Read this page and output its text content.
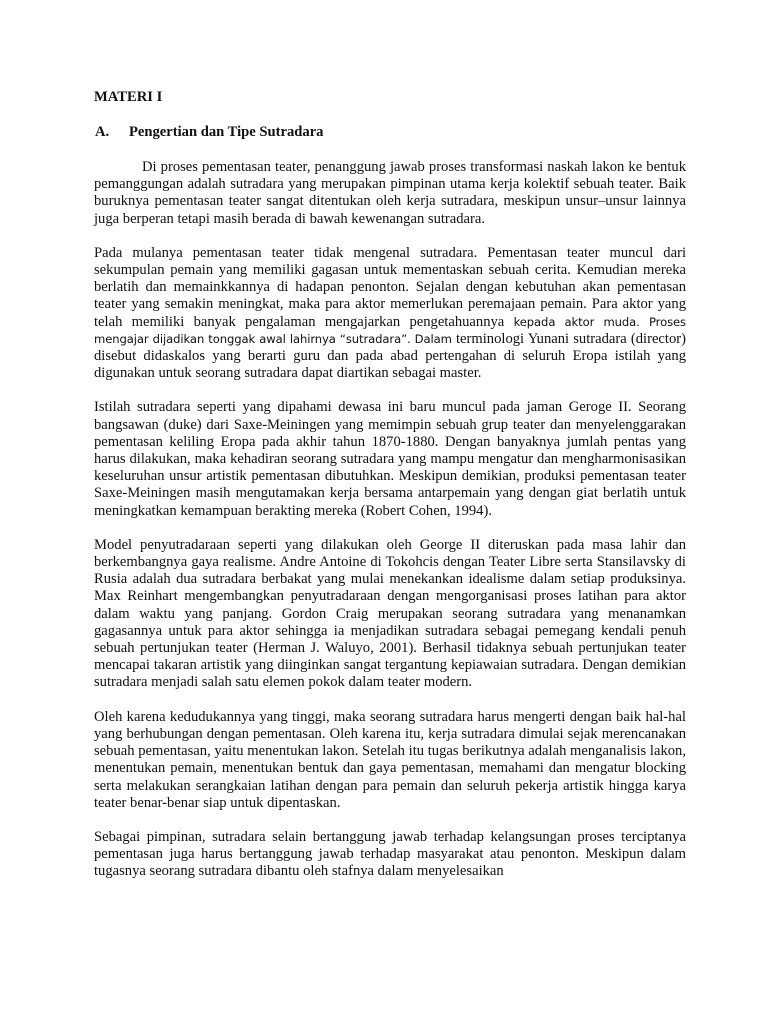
MATERI I
A.	Pengertian dan Tipe Sutradara

Di proses pementasan teater, penanggung jawab proses transformasi naskah lakon ke bentuk pemanggungan adalah sutradara yang merupakan pimpinan utama kerja kolektif sebuah teater. Baik buruknya pementasan teater sangat ditentukan oleh kerja sutradara, meskipun unsur–unsur lainnya juga berperan tetapi masih berada di bawah kewenangan sutradara.

Pada mulanya pementasan teater tidak mengenal sutradara. Pementasan teater muncul dari sekumpulan pemain yang memiliki gagasan untuk mementaskan sebuah cerita. Kemudian mereka berlatih dan memainkkannya di hadapan penonton. Sejalan dengan kebutuhan akan pementasan teater yang semakin meningkat, maka para aktor memerlukan peremajaan pemain. Para aktor yang telah memiliki banyak pengalaman mengajarkan pengetahuannya kepada aktor muda. Proses mengajar dijadikan tonggak awal lahirnya “sutradara”. Dalam terminologi Yunani sutradara (director) disebut didaskalos yang berarti guru dan pada abad pertengahan di seluruh Eropa istilah yang digunakan untuk seorang sutradara dapat diartikan sebagai master.

Istilah sutradara seperti yang dipahami dewasa ini baru muncul pada jaman Geroge II. Seorang bangsawan (duke) dari Saxe-Meiningen yang memimpin sebuah grup teater dan menyelenggarakan pementasan keliling Eropa pada akhir tahun 1870-1880. Dengan banyaknya jumlah pentas yang harus dilakukan, maka kehadiran seorang sutradara yang mampu mengatur dan mengharmonisasikan keseluruhan unsur artistik pementasan dibutuhkan. Meskipun demikian, produksi pementasan teater Saxe-Meiningen masih mengutamakan kerja bersama antarpemain yang dengan giat berlatih untuk meningkatkan kemampuan berakting mereka (Robert Cohen, 1994).

Model penyutradaraan seperti yang dilakukan oleh George II diteruskan pada masa lahir dan berkembangnya gaya realisme. Andre Antoine di Tokohcis dengan Teater Libre serta Stansilavsky di Rusia adalah dua sutradara berbakat yang mulai menekankan idealisme dalam setiap produksinya. Max Reinhart mengembangkan penyutradaraan dengan mengorganisasi proses latihan para aktor dalam waktu yang panjang. Gordon Craig merupakan seorang sutradara yang menanamkan gagasannya untuk para aktor sehingga ia menjadikan sutradara sebagai pemegang kendali penuh sebuah pertunjukan teater (Herman J. Waluyo, 2001). Berhasil tidaknya sebuah pertunjukan teater mencapai takaran artistik yang diinginkan sangat tergantung kepiawaian sutradara. Dengan demikian sutradara menjadi salah satu elemen pokok dalam teater modern.

Oleh karena kedudukannya yang tinggi, maka seorang sutradara harus mengerti dengan baik hal-hal yang berhubungan dengan pementasan. Oleh karena itu, kerja sutradara dimulai sejak merencanakan sebuah pementasan, yaitu menentukan lakon. Setelah itu tugas berikutnya adalah menganalisis lakon, menentukan pemain, menentukan bentuk dan gaya pementasan, memahami dan mengatur blocking serta melakukan serangkaian latihan dengan para pemain dan seluruh pekerja artistik hingga karya teater benar-benar siap untuk dipentaskan.

Sebagai pimpinan, sutradara selain bertanggung jawab terhadap kelangsungan proses terciptanya pementasan juga harus bertanggung jawab terhadap masyarakat atau penonton. Meskipun dalam tugasnya seorang sutradara dibantu oleh stafnya dalam menyelesaikan
